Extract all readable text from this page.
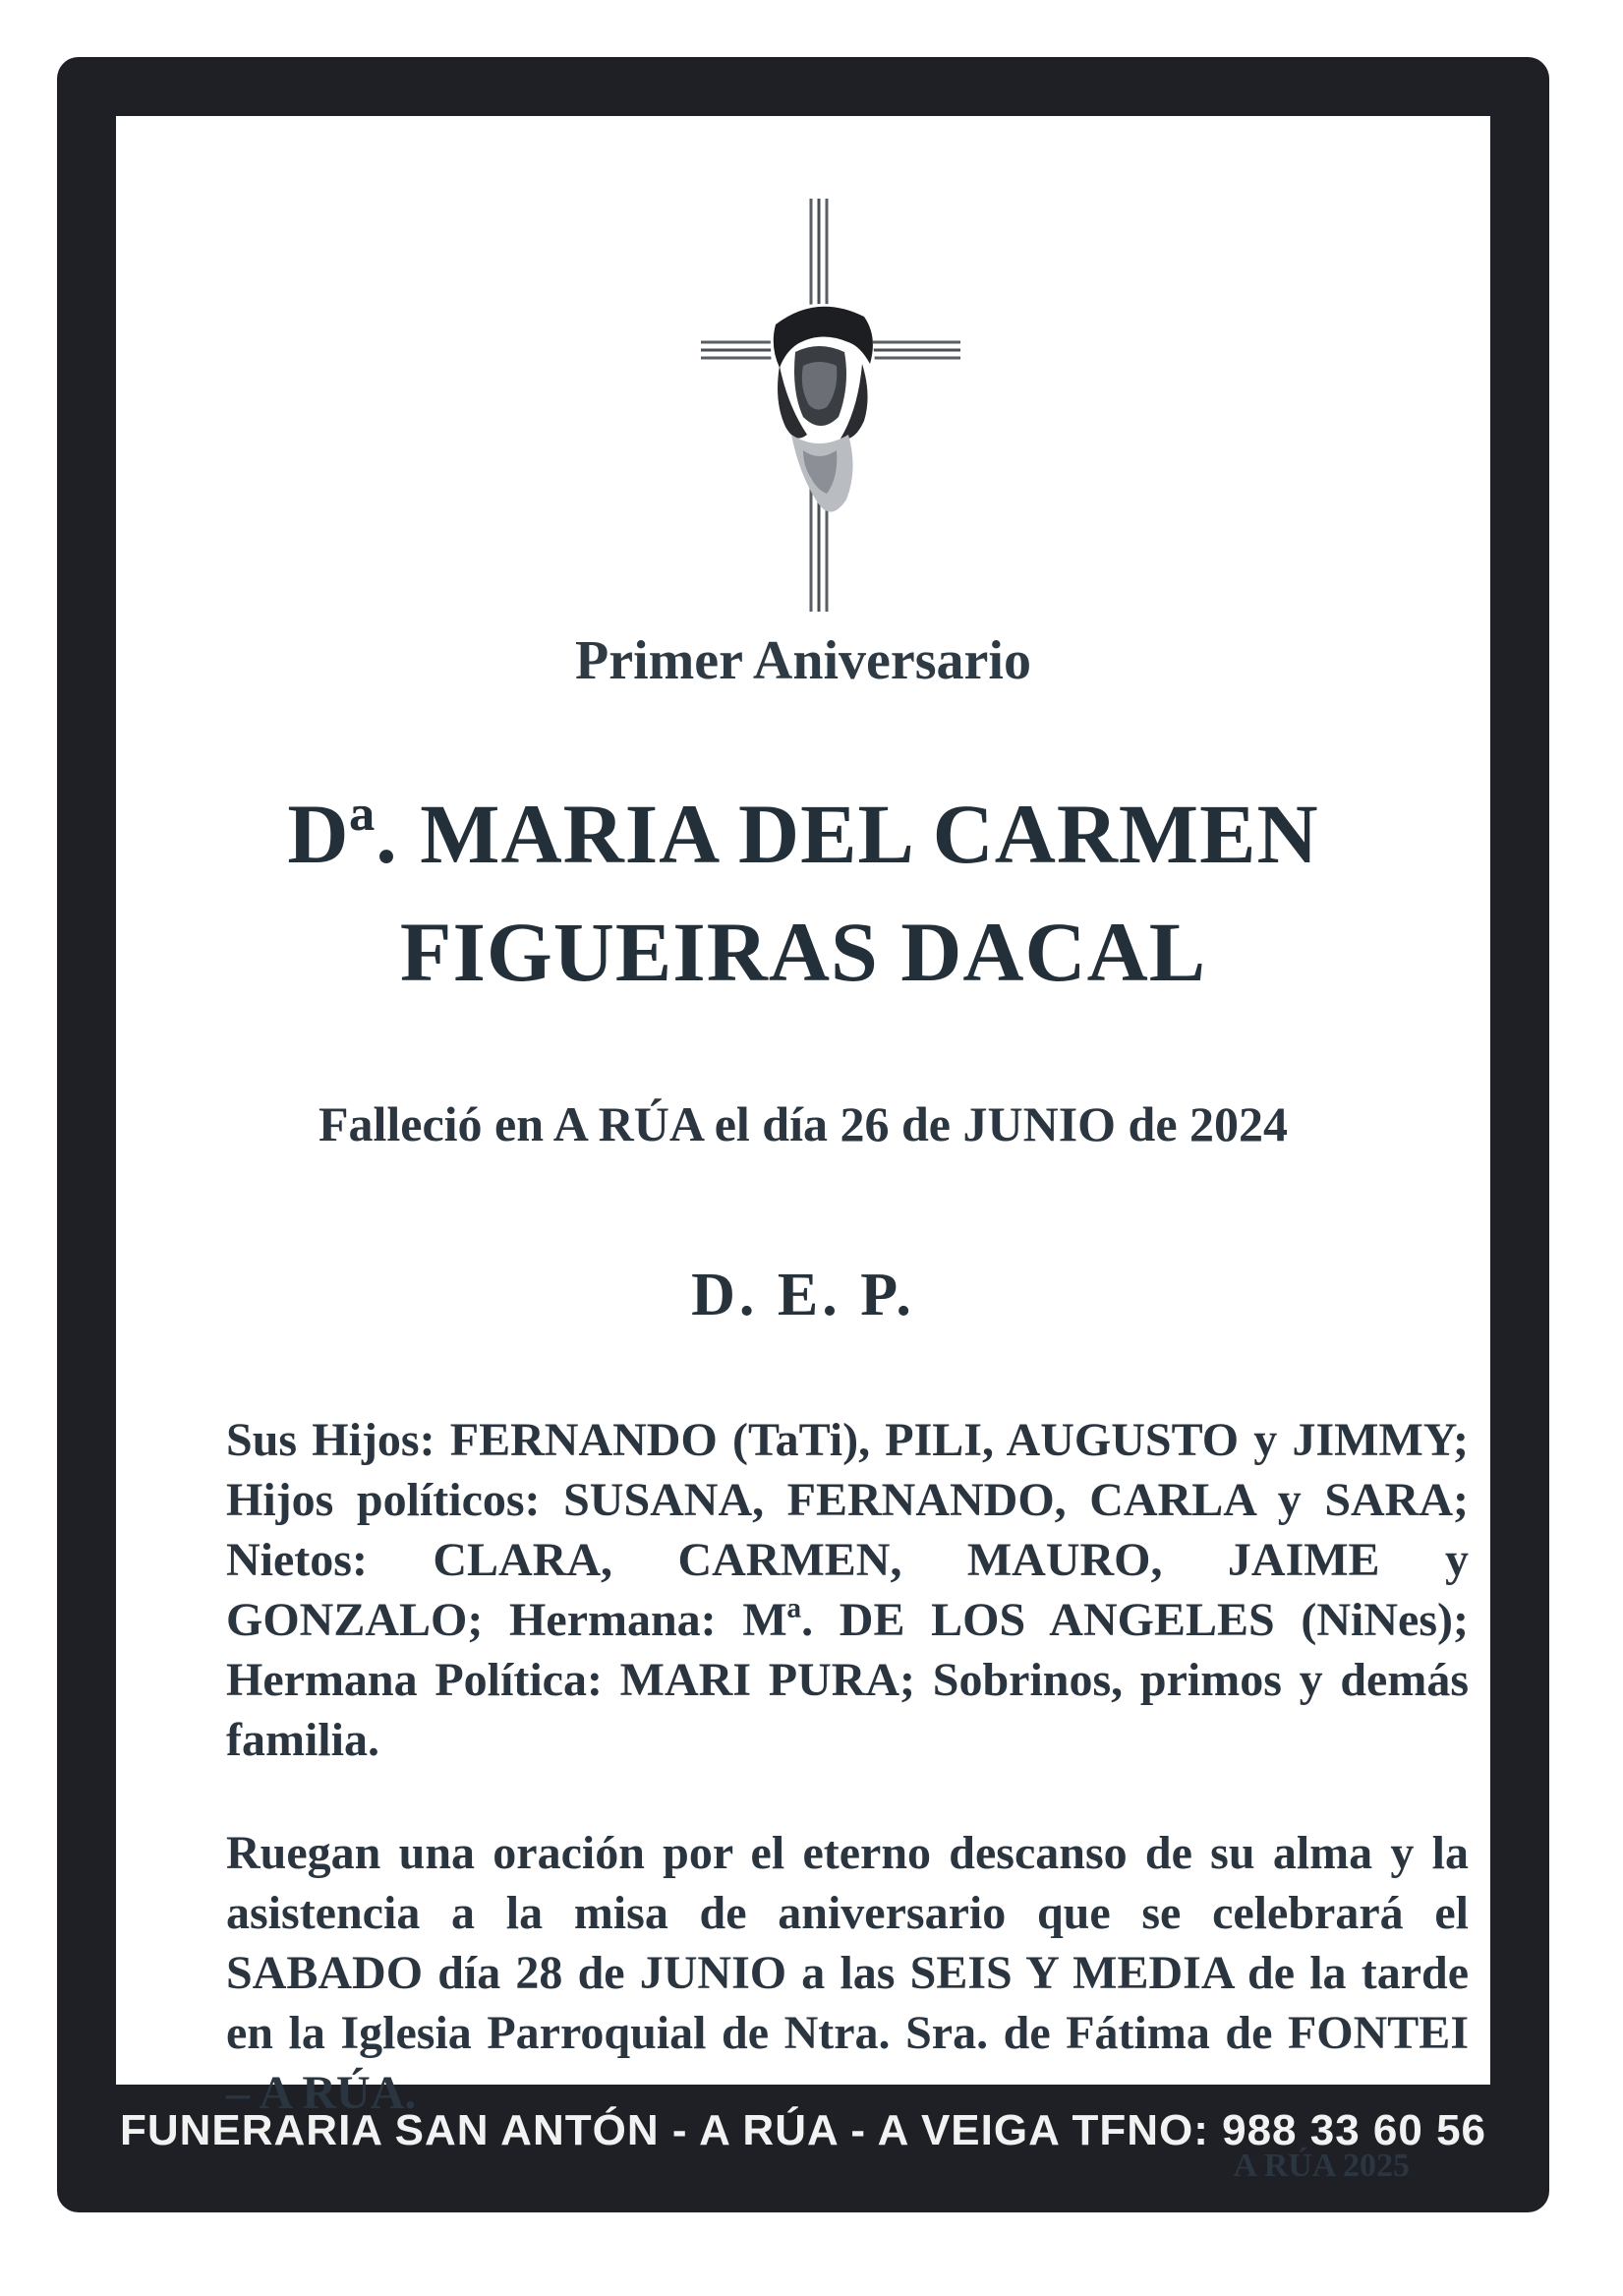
Primer Aniversario
Dª. MARIA DEL CARMEN
FIGUEIRAS DACAL

Falleció en A RÚA el día 26 de JUNIO de 2024

D. E. P.

Sus Hijos: FERNANDO (TaTi), PILI, AUGUSTO y JIMMY; Hijos políticos: SUSANA, FERNANDO, CARLA y SARA; Nietos: CLARA, CARMEN, MAURO, JAIME y GONZALO; Hermana: Mª. DE LOS ANGELES (NiNes); Hermana Política: MARI PURA; Sobrinos, primos y demás familia.

Ruegan una oración por el eterno descanso de su alma y la asistencia a la misa de aniversario que se celebrará el SABADO día 28 de JUNIO a las SEIS Y MEDIA de la tarde en la Iglesia Parroquial de Ntra. Sra. de Fátima de FONTEI – A RÚA.

A RÚA 2025
FUNERARIA SAN ANTÓN - A RÚA - A VEIGA TFNO: 988 33 60 56
